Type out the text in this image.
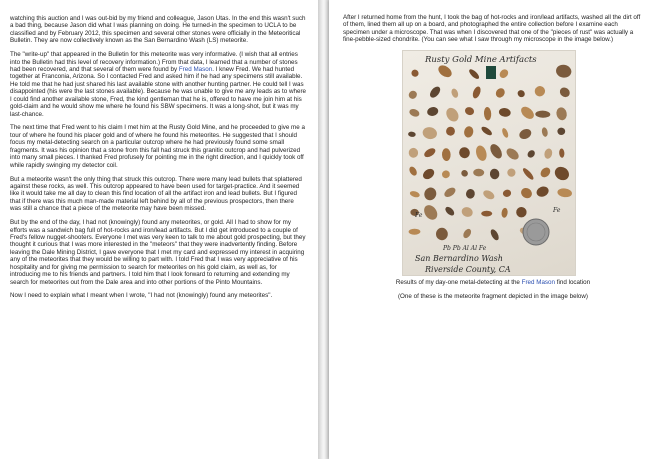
watching this auction and I was out-bid by my friend and colleague, Jason Utas. In the end this wasn't such a bad thing, because Jason did what I was planning on doing. He turned-in the specimen to UCLA to be classified and by February 2012, this specimen and several other stones were officially in the Meteoritical Bulletin. They are now collectively known as the San Bernardino Wash (LS) meteorite.

The "write-up" that appeared in the Bulletin for this meteorite was very informative. (I wish that all entries into the Bulletin had this level of recovery information.) From that data, I learned that a number of stones had been recovered, and that several of them were found by Fred Mason. I knew Fred. We had hunted together at Franconia, Arizona. So I contacted Fred and asked him if he had any specimens still available. He told me that he had just shared his last available stone with another hunting partner. He could tell I was disappointed (his were the last stones available). Because he was unable to give me any leads as to where I could find another available stone, Fred, the kind gentleman that he is, offered to have me join him at his gold-claim and he would show me where he found his SBW specimens. It was a long-shot, but it was my last-chance.

The next time that Fred went to his claim I met him at the Rusty Gold Mine, and he proceeded to give me a tour of where he found his placer gold and of where he found his meteorites. He suggested that I should focus my metal-detecting search on a particular outcrop where he had previously found some small fragments. It was his opinion that a stone from this fall had struck this granitic outcrop and had pulverized into many small pieces. I thanked Fred profusely for pointing me in the right direction, and I quickly took off while rapidly swinging my detector coil.

But a meteorite wasn't the only thing that struck this outcrop. There were many lead bullets that splattered against these rocks, as well. This outcrop appeared to have been used for target-practice. And it seemed like it would take me all day to clean this find location of all the artifact iron and lead bullets. But I figured that if there was this much man-made material left behind by all of the previous prospectors, then there was still a chance that a piece of the meteorite may have been missed.

But by the end of the day, I had not (knowingly) found any meteorites, or gold. All I had to show for my efforts was a sandwich bag full of hot-rocks and iron/lead artifacts. But I did get introduced to a couple of Fred's fellow nugget-shooters. Everyone I met was very keen to talk to me about gold prospecting, but they thought it curious that I was more interested in the "meteors" that they were inadvertently finding. Before leaving the Dale Mining District, I gave everyone that I met my card and expressed my interest in acquiring any of the meteorites that they would be willing to part with. I told Fred that I was very appreciative of his hospitality and for giving me permission to search for meteorites on his gold claim, as well as, for introducing me to his friends and partners. I told him that I look forward to returning and extending my search for meteorites out from the Dale area and into other portions of the Pinto Mountains.

Now I need to explain what I meant when I wrote, "I had not (knowingly) found any meteorites".

After I returned home from the hunt, I took the bag of hot-rocks and iron/lead artifacts, washed all the dirt off of them, lined them all up on a board, and photographed the entire collection before I examine each specimen under a microscope. That was when I discovered that one of the "pieces of rust" was actually a fine-pebble-sized chondrite. (You can see what I saw through my microscope in the image below.)

Rusty Gold Mine Artifacts
Fe
Fe
Pb Pb Al Al Fe
San Bernardino Wash
Riverside County, CA
Results of my day-one metal-detecting at the Fred Mason find location
(One of these is the meteorite fragment depicted in the image below)
